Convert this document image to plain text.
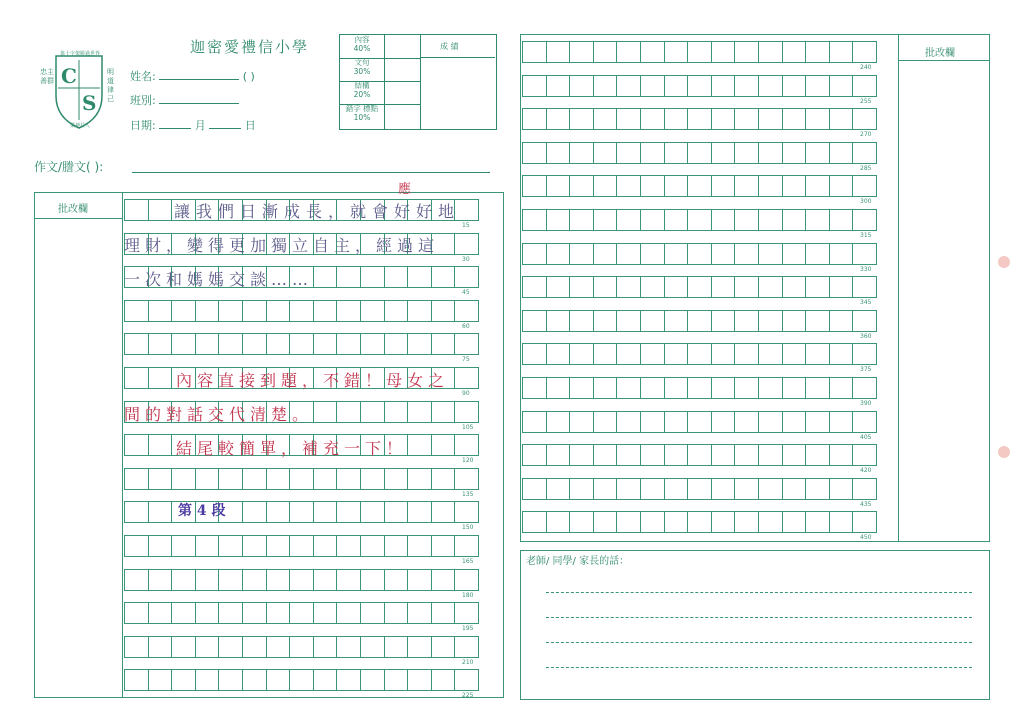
C
S
靠十字架勝過世界
榮神益人
忠主善群
明道律己
迦密愛禮信小學
姓名:	( )
班別:
日期:	月	日
內容
40%
文句
30%
結構
20%
錯字 標點
10%
成 績
作文/謄文( ):
批改欄
15
30
45
60
75
90
105
120
135
150
165
180
195
210
225
240
255
270
285
300
315
330
345
360
375
390
405
420
435
450
批改欄
老師/ 同學/ 家長的話：
應
讓我們日漸成長，就會好好地
理財，變得更加獨立自主，經過這
一次和媽媽交談……
內容直接到題，不錯！母女之
間的對話交代清楚。
結尾較簡單，補充一下！
第 4 段
